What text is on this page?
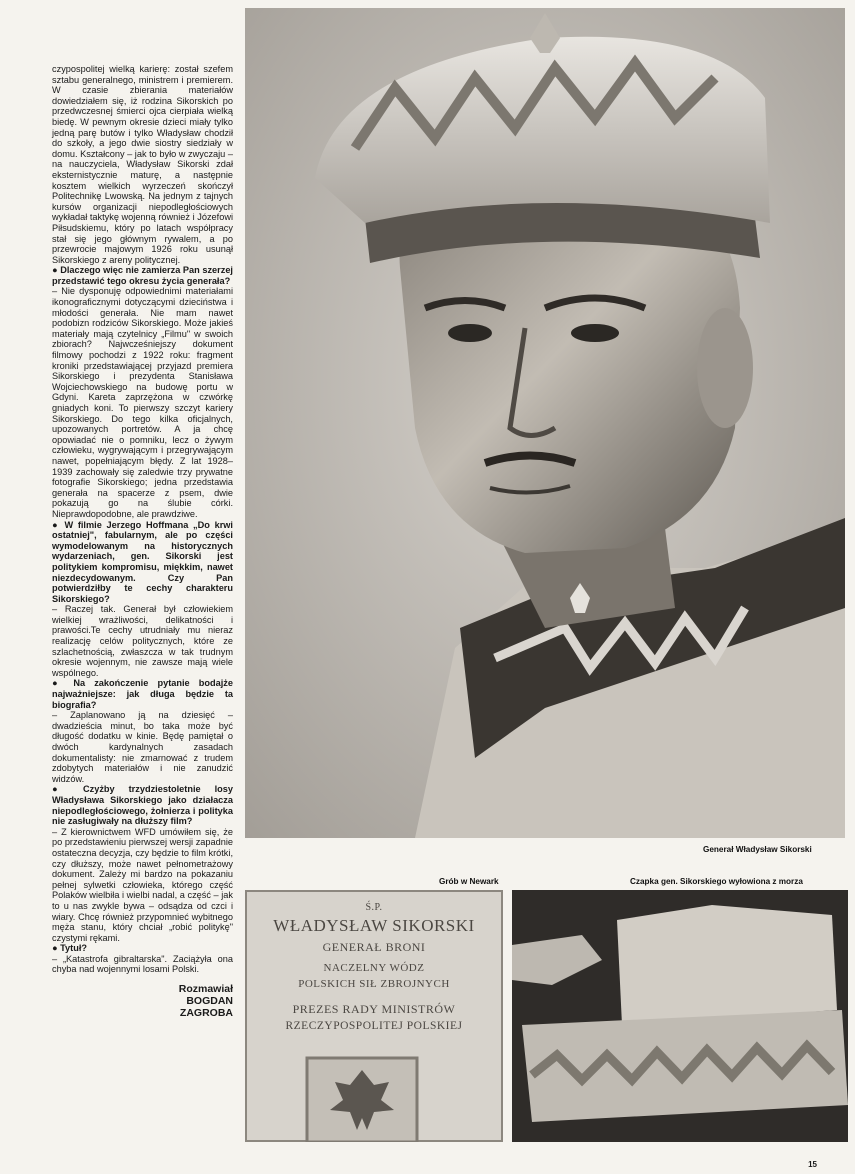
czypospolitej wielką karierę: został szefem sztabu generalnego, ministrem i premierem. W czasie zbierania materiałów dowiedziałem się, iż rodzina Sikorskich po przedwczesnej śmierci ojca cierpiała wielką biedę. W pewnym okresie dzieci miały tylko jedną parę butów i tylko Władysław chodził do szkoły, a jego dwie siostry siedziały w domu. Kształcony – jak to było w zwyczaju – na nauczyciela, Władysław Sikorski zdał eksternistycznie maturę, a następnie kosztem wielkich wyrzeczeń skończył Politechnikę Lwowską. Na jednym z tajnych kursów organizacji niepodległościowych wykładał taktykę wojenną również i Józefowi Piłsudskiemu, który po latach współpracy stał się jego głównym rywalem, a po przewrocie majowym 1926 roku usunął Sikorskiego z areny politycznej.

● Dlaczego więc nie zamierza Pan szerzej przedstawić tego okresu życia generała?

– Nie dysponuję odpowiednimi materiałami ikonograficznymi dotyczącymi dzieciństwa i młodości generała. Nie mam nawet podobizn rodziców Sikorskiego. Może jakieś materiały mają czytelnicy „Filmu" w swoich zbiorach? Najwcześniejszy dokument filmowy pochodzi z 1922 roku: fragment kroniki przedstawiającej przyjazd premiera Sikorskiego i prezydenta Stanisława Wojciechowskiego na budowę portu w Gdyni. Kareta zaprzężona w czwórkę gniadych koni. To pierwszy szczyt kariery Sikorskiego. Do tego kilka oficjalnych, upozowanych portretów. A ja chcę opowiadać nie o pomniku, lecz o żywym człowieku, wygrywającym i przegrywającym nawet, popełniającym błędy. Z lat 1928–1939 zachowały się zaledwie trzy prywatne fotografie Sikorskiego; jedna przedstawia generała na spacerze z psem, dwie pokazują go na ślubie córki. Nieprawdopodobne, ale prawdziwe.

● W filmie Jerzego Hoffmana „Do krwi ostatniej", fabularnym, ale po części wymodelowanym na historycznych wydarzeniach, gen. Sikorski jest politykiem kompromisu, miękkim, nawet niezdecydowanym. Czy Pan potwierdziłby te cechy charakteru Sikorskiego?

– Raczej tak. Generał był człowiekiem wielkiej wrażliwości, delikatności i prawości.Te cechy utrudniały mu nieraz realizację celów politycznych, które ze szlachetnością, zwłaszcza w tak trudnym okresie wojennym, nie zawsze mają wiele wspólnego.

● Na zakończenie pytanie bodajże najważniejsze: jak długa będzie ta biografia?

– Zaplanowano ją na dziesięć – dwadzieścia minut, bo taka może być długość dodatku w kinie. Będę pamiętał o dwóch kardynalnych zasadach dokumentalisty: nie zmarnować z trudem zdobytych materiałów i nie zanudzić widzów.

● Czyżby trzydziestoletnie losy Władysława Sikorskiego jako działacza niepodległościowego, żołnierza i polityka nie zasługiwały na dłuższy film?

– Z kierownictwem WFD umówiłem się, że po przedstawieniu pierwszej wersji zapadnie ostateczna decyzja, czy będzie to film krótki, czy dłuższy, może nawet pełnometrażowy dokument. Zależy mi bardzo na pokazaniu pełnej sylwetki człowieka, którego część Polaków wielbiła i wielbi nadal, a część – jak to u nas zwykle bywa – odsądza od czci i wiary. Chcę również przypomnieć wybitnego męża stanu, który chciał „robić politykę" czystymi rękami.

● Tytuł?

– „Katastrofa gibraltarska". Zaciążyła ona chyba nad wojennymi losami Polski.

Rozmawiał
BOGDAN
ZAGROBA
Generał Władysław Sikorski
Grób w Newark	Czapka gen. Sikorskiego wyłowiona z morza
Ś.P.
WŁADYSŁAW SIKORSKI
GENERAŁ BRONI
NACZELNY WÓDZ
POLSKICH SIŁ ZBROJNYCH
PREZES RADY MINISTRÓW
RZECZYPOSPOLITEJ POLSKIEJ
15
